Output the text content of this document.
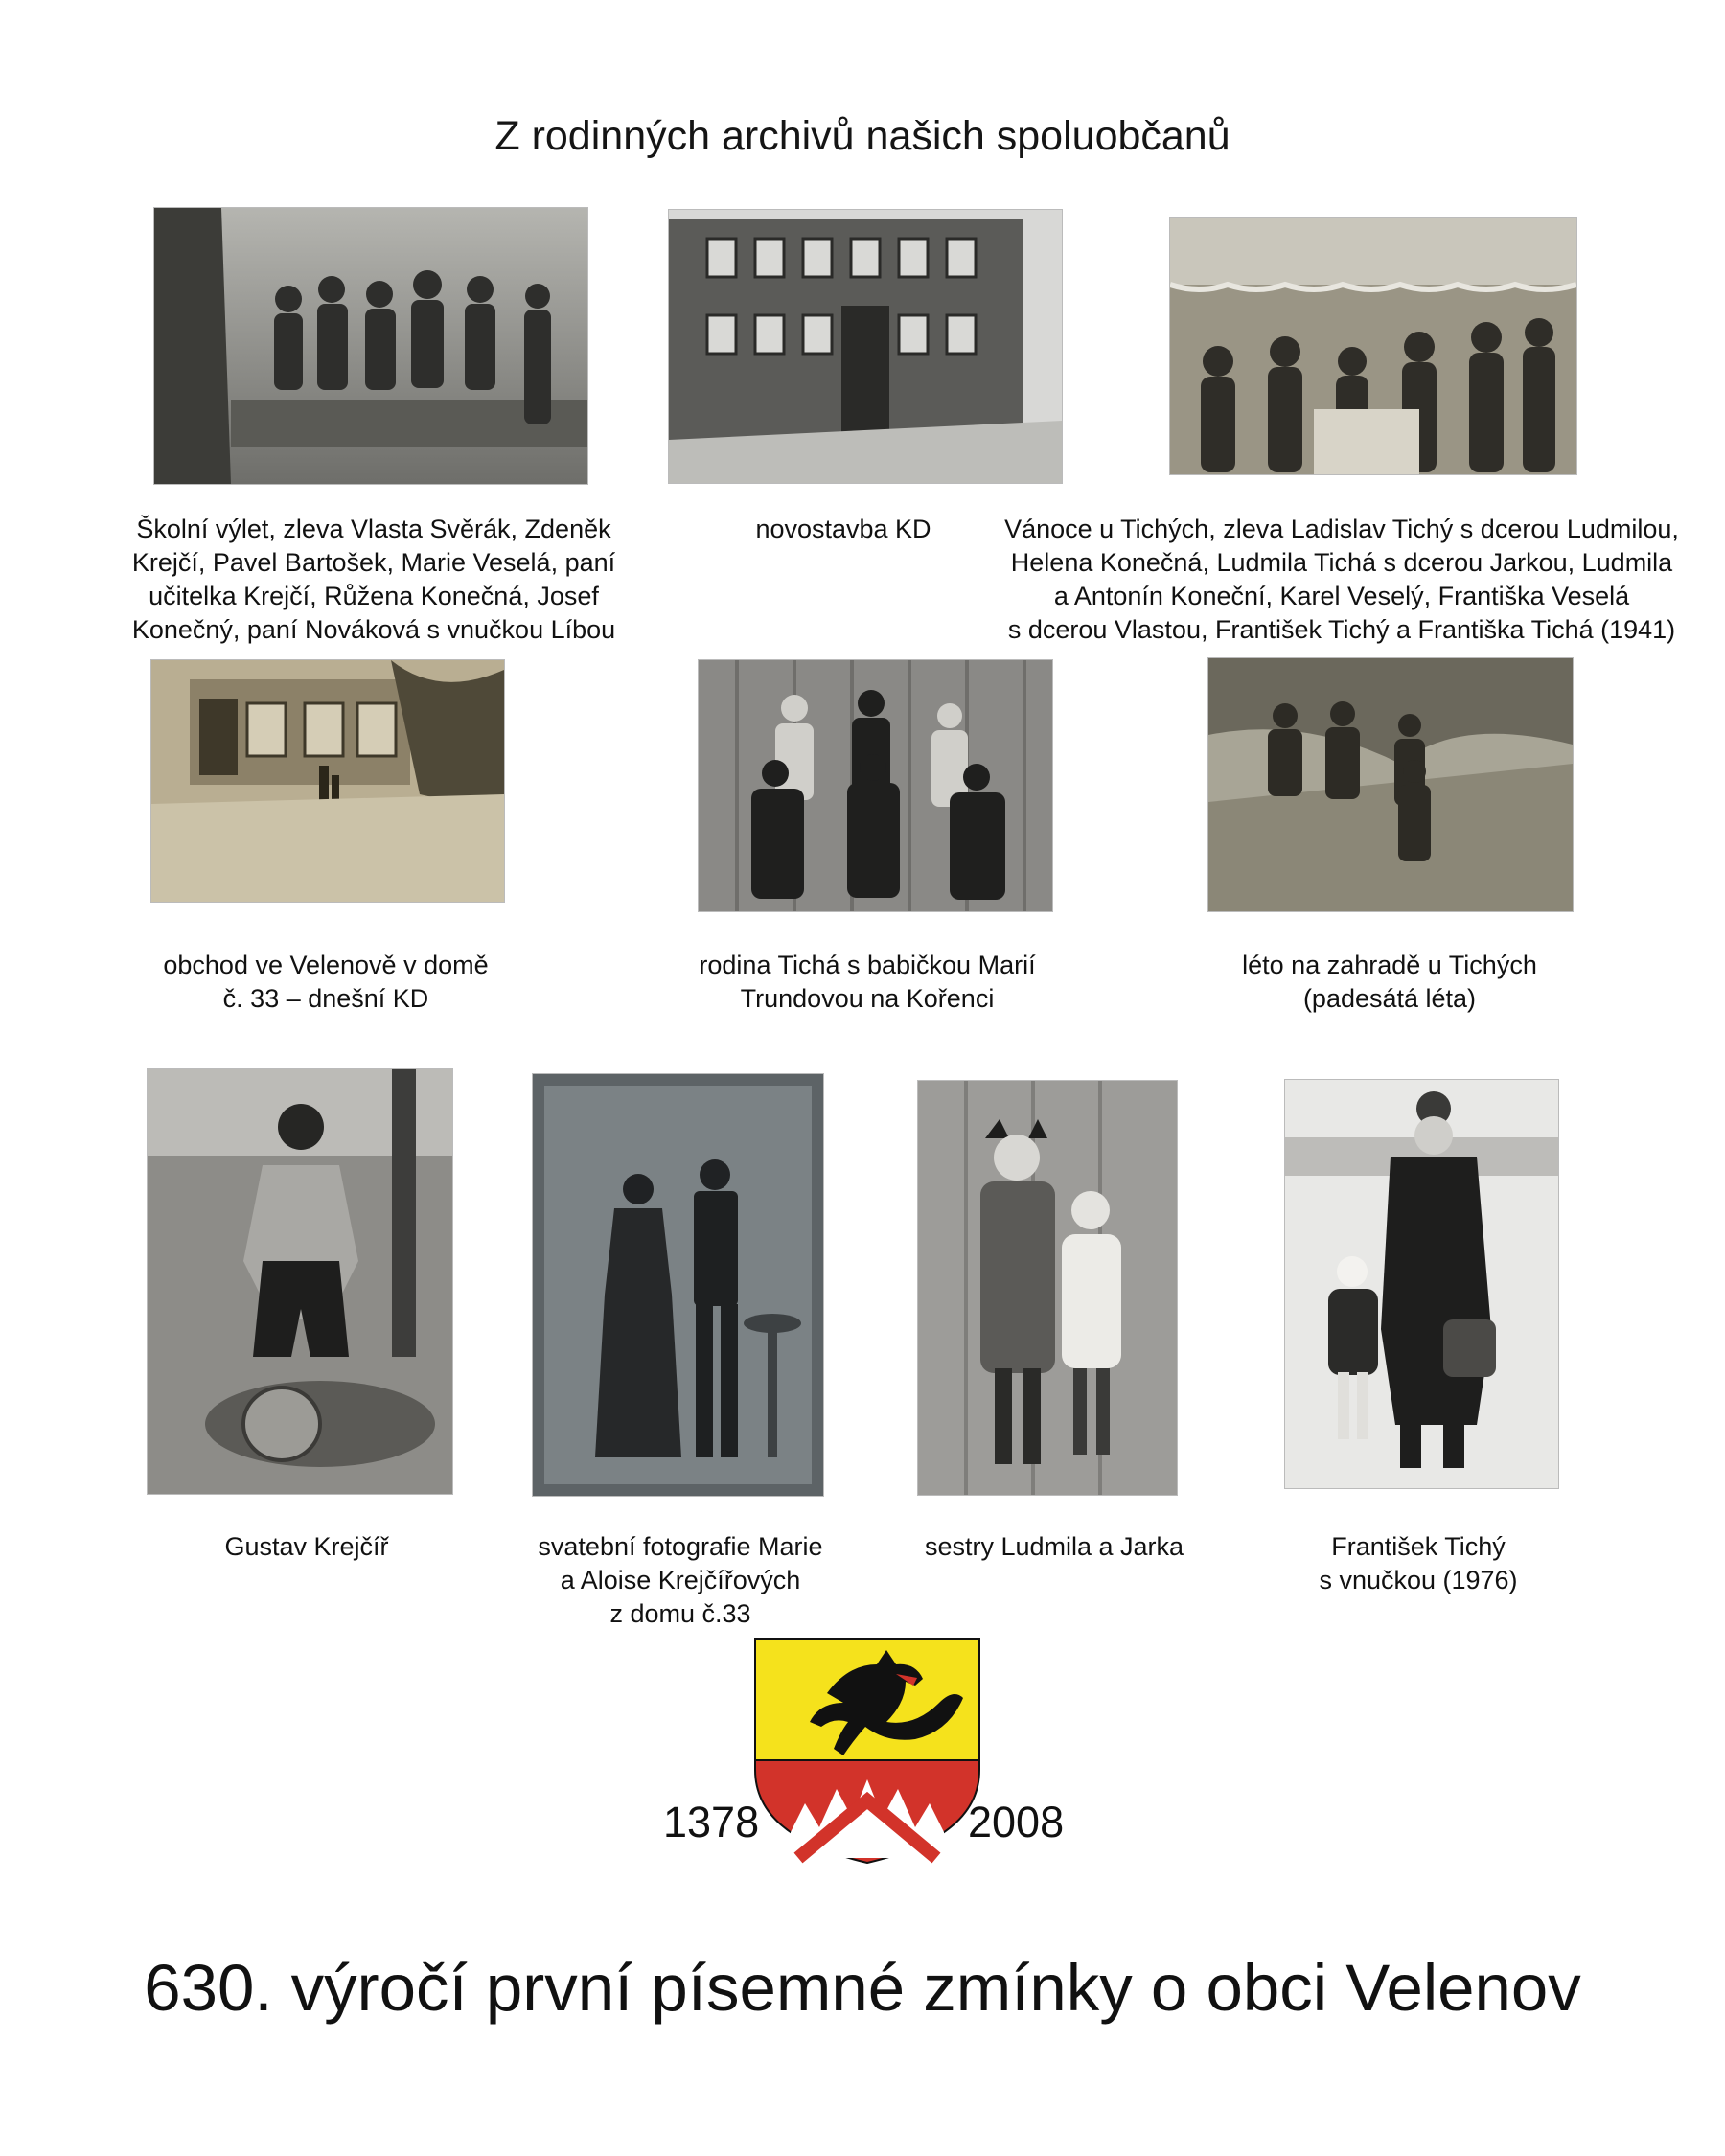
Z rodinných archivů našich spoluobčanů
Školní výlet, zleva Vlasta Svěrák, Zdeněk
Krejčí, Pavel Bartošek, Marie Veselá, paní
učitelka Krejčí, Růžena Konečná, Josef
Konečný, paní Nováková s vnučkou Líbou
novostavba KD	Vánoce u Tichých, zleva Ladislav Tichý s dcerou Ludmilou,
Helena Konečná, Ludmila Tichá s dcerou Jarkou, Ludmila
a Antonín Koneční, Karel Veselý, Františka Veselá
s dcerou Vlastou, František Tichý a Františka Tichá (1941)
obchod ve Velenově v domě
č. 33 – dnešní KD
rodina Tichá s babičkou Marií
Trundovou na Kořenci
léto na zahradě u Tichých
(padesátá léta)
Gustav Krejčíř	svatební fotografie Marie
a Aloise Krejčířových
z domu č.33
sestry Ludmila a Jarka	František Tichý
s vnučkou (1976)
1378	2008
630. výročí první písemné zmínky o obci Velenov
